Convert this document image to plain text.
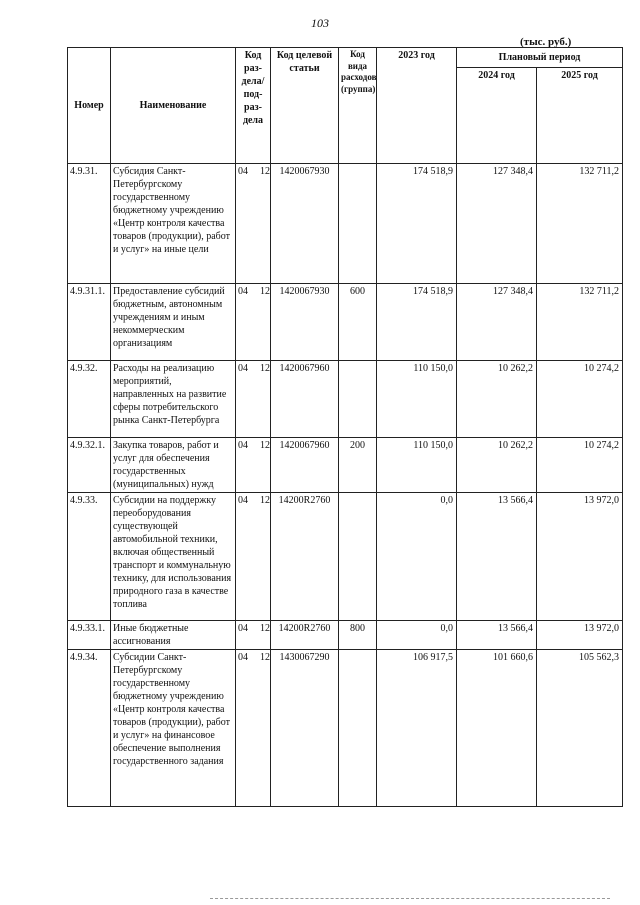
103
(тыс. руб.)
Номер	Наименование	Код раз-дела/ под-раз-дела	Код целевой статьи	Код вида расходов (группа)	2023 год	Плановый период	
						2024 год	2025 год
4.9.31.	Субсидия Санкт-Петербургскому государственному бюджетному учреждению «Центр контроля качества товаров (продукции), работ и услуг» на иные цели	04 12	1420067930		174 518,9	127 348,4	132 711,2
4.9.31.1.	Предоставление субсидий бюджетным, автономным учреждениям и иным некоммерческим организациям	04 12	1420067930	600	174 518,9	127 348,4	132 711,2
4.9.32.	Расходы на реализацию мероприятий, направленных на развитие сферы потребительского рынка Санкт-Петербурга	04 12	1420067960		110 150,0	10 262,2	10 274,2
4.9.32.1.	Закупка товаров, работ и услуг для обеспечения государственных (муниципальных) нужд	04 12	1420067960	200	110 150,0	10 262,2	10 274,2
4.9.33.	Субсидии на поддержку переоборудования существующей автомобильной техники, включая общественный транспорт и коммунальную технику, для использования природного газа в качестве топлива	04 12	14200R2760		0,0	13 566,4	13 972,0
4.9.33.1.	Иные бюджетные ассигнования	04 12	14200R2760	800	0,0	13 566,4	13 972,0
4.9.34.	Субсидии Санкт-Петербургскому государственному бюджетному учреждению «Центр контроля качества товаров (продукции), работ и услуг» на финансовое обеспечение выполнения государственного задания	04 12	1430067290		106 917,5	101 660,6	105 562,3
